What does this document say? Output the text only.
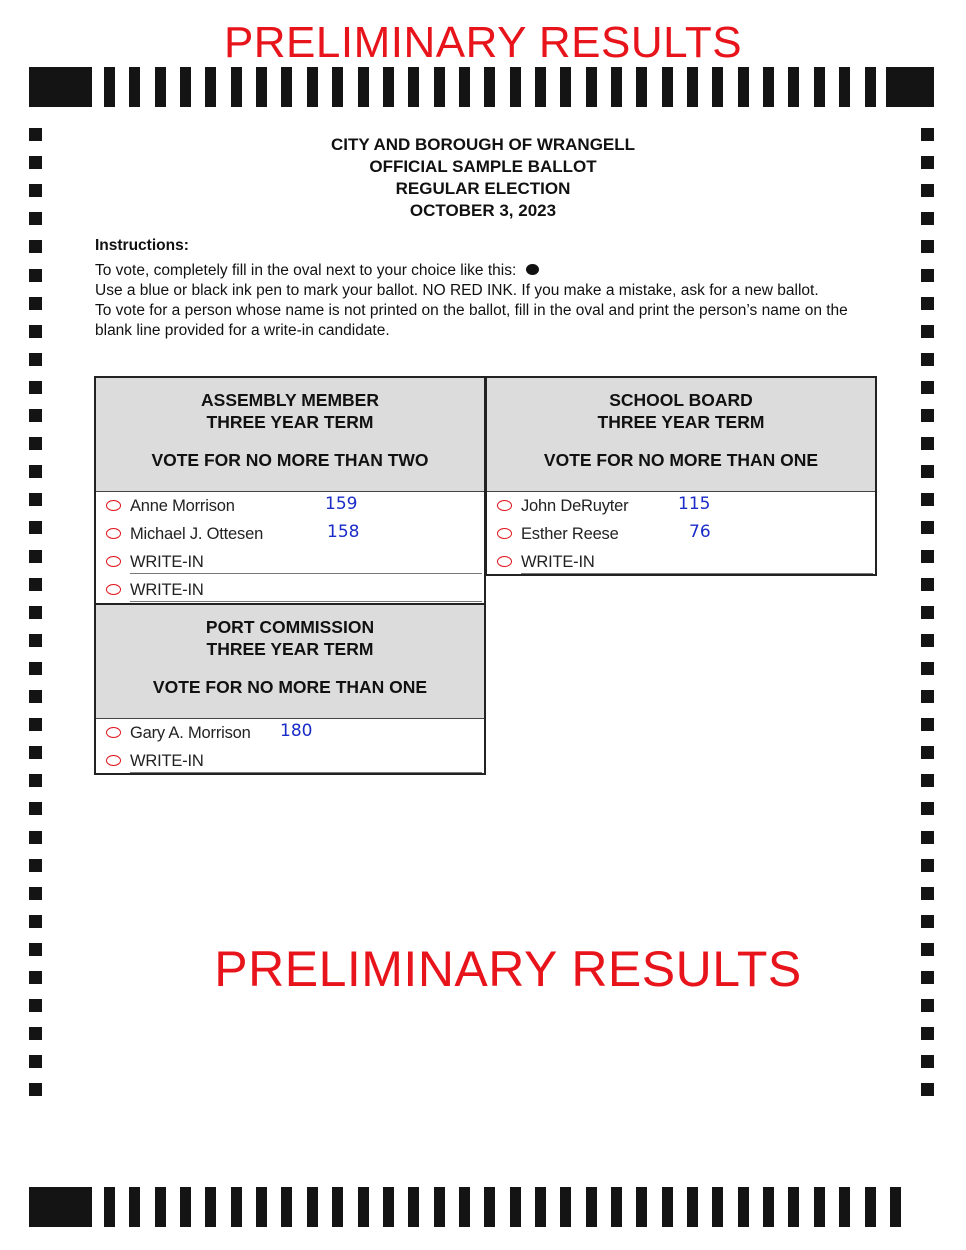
PRELIMINARY RESULTS
CITY AND BOROUGH OF WRANGELL
OFFICIAL SAMPLE BALLOT
REGULAR ELECTION
OCTOBER 3, 2023
Instructions:
To vote, completely fill in the oval next to your choice like this:
Use a blue or black ink pen to mark your ballot. NO RED INK. If you make a mistake, ask for a new ballot.
To vote for a person whose name is not printed on the ballot, fill in the oval and print the person’s name on the blank line provided for a write-in candidate.
ASSEMBLY MEMBER
THREE YEAR TERM
VOTE FOR NO MORE THAN TWO
Anne Morrison	159
Michael J. Ottesen	158
WRITE-IN
WRITE-IN
SCHOOL BOARD
THREE YEAR TERM
VOTE FOR NO MORE THAN ONE
John DeRuyter	115
Esther Reese	76
WRITE-IN
PORT COMMISSION
THREE YEAR TERM
VOTE FOR NO MORE THAN ONE
Gary A. Morrison 180
WRITE-IN
PRELIMINARY RESULTS
